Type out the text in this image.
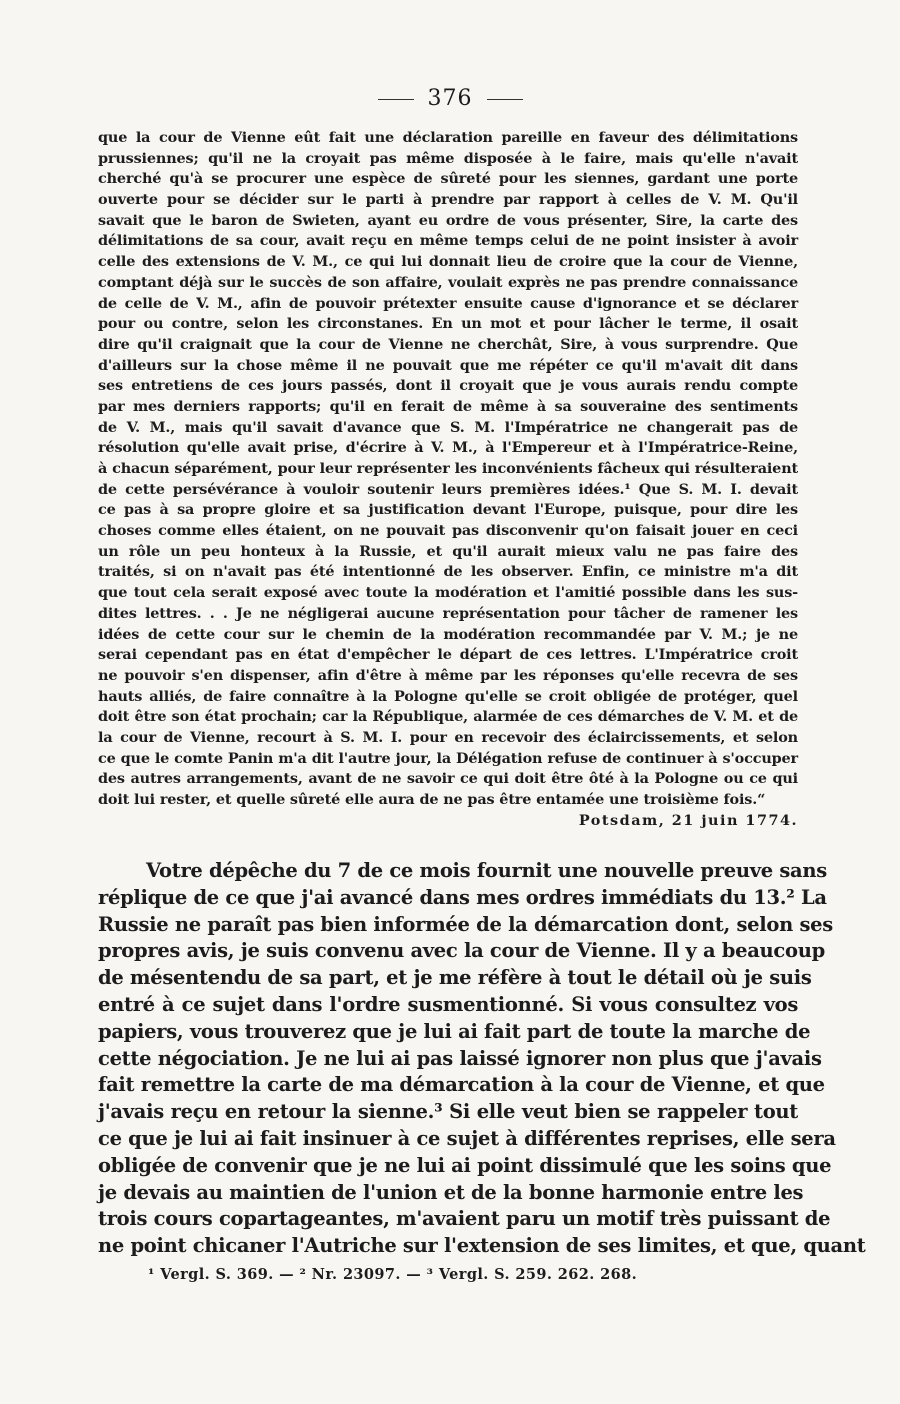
376
que la cour de Vienne eût fait une déclaration pareille en faveur des délimitations
prussiennes; qu'il ne la croyait pas même disposée à le faire, mais qu'elle n'avait
cherché qu'à se procurer une espèce de sûreté pour les siennes, gardant une porte
ouverte pour se décider sur le parti à prendre par rapport à celles de V. M. Qu'il
savait que le baron de Swieten, ayant eu ordre de vous présenter, Sire, la carte des
délimitations de sa cour, avait reçu en même temps celui de ne point insister à avoir
celle des extensions de V. M., ce qui lui donnait lieu de croire que la cour de Vienne,
comptant déjà sur le succès de son affaire, voulait exprès ne pas prendre connaissance
de celle de V. M., afin de pouvoir prétexter ensuite cause d'ignorance et se déclarer
pour ou contre, selon les circonstanes. En un mot et pour lâcher le terme, il osait
dire qu'il craignait que la cour de Vienne ne cherchât, Sire, à vous surprendre. Que
d'ailleurs sur la chose même il ne pouvait que me répéter ce qu'il m'avait dit dans
ses entretiens de ces jours passés, dont il croyait que je vous aurais rendu compte
par mes derniers rapports; qu'il en ferait de même à sa souveraine des sentiments
de V. M., mais qu'il savait d'avance que S. M. l'Impératrice ne changerait pas de
résolution qu'elle avait prise, d'écrire à V. M., à l'Empereur et à l'Impératrice-Reine,
à chacun séparément, pour leur représenter les inconvénients fâcheux qui résulteraient
de cette persévérance à vouloir soutenir leurs premières idées.¹ Que S. M. I. devait
ce pas à sa propre gloire et sa justification devant l'Europe, puisque, pour dire les
choses comme elles étaient, on ne pouvait pas disconvenir qu'on faisait jouer en ceci
un rôle un peu honteux à la Russie, et qu'il aurait mieux valu ne pas faire des
traités, si on n'avait pas été intentionné de les observer. Enfin, ce ministre m'a dit
que tout cela serait exposé avec toute la modération et l'amitié possible dans les sus-
dites lettres. . . Je ne négligerai aucune représentation pour tâcher de ramener les
idées de cette cour sur le chemin de la modération recommandée par V. M.; je ne
serai cependant pas en état d'empêcher le départ de ces lettres. L'Impératrice croit
ne pouvoir s'en dispenser, afin d'être à même par les réponses qu'elle recevra de ses
hauts alliés, de faire connaître à la Pologne qu'elle se croit obligée de protéger, quel
doit être son état prochain; car la République, alarmée de ces démarches de V. M. et de
la cour de Vienne, recourt à S. M. I. pour en recevoir des éclaircissements, et selon
ce que le comte Panin m'a dit l'autre jour, la Délégation refuse de continuer à s'occuper
des autres arrangements, avant de ne savoir ce qui doit être ôté à la Pologne ou ce qui
doit lui rester, et quelle sûreté elle aura de ne pas être entamée une troisième fois.“
Potsdam, 21 juin 1774.
Votre dépêche du 7 de ce mois fournit une nouvelle preuve sans
réplique de ce que j'ai avancé dans mes ordres immédiats du 13.² La
Russie ne paraît pas bien informée de la démarcation dont, selon ses
propres avis, je suis convenu avec la cour de Vienne. Il y a beaucoup
de mésentendu de sa part, et je me réfère à tout le détail où je suis
entré à ce sujet dans l'ordre susmentionné. Si vous consultez vos
papiers, vous trouverez que je lui ai fait part de toute la marche de
cette négociation. Je ne lui ai pas laissé ignorer non plus que j'avais
fait remettre la carte de ma démarcation à la cour de Vienne, et que
j'avais reçu en retour la sienne.³ Si elle veut bien se rappeler tout
ce que je lui ai fait insinuer à ce sujet à différentes reprises, elle sera
obligée de convenir que je ne lui ai point dissimulé que les soins que
je devais au maintien de l'union et de la bonne harmonie entre les
trois cours copartageantes, m'avaient paru un motif très puissant de
ne point chicaner l'Autriche sur l'extension de ses limites, et que, quant
¹ Vergl. S. 369. — ² Nr. 23097. — ³ Vergl. S. 259. 262. 268.
